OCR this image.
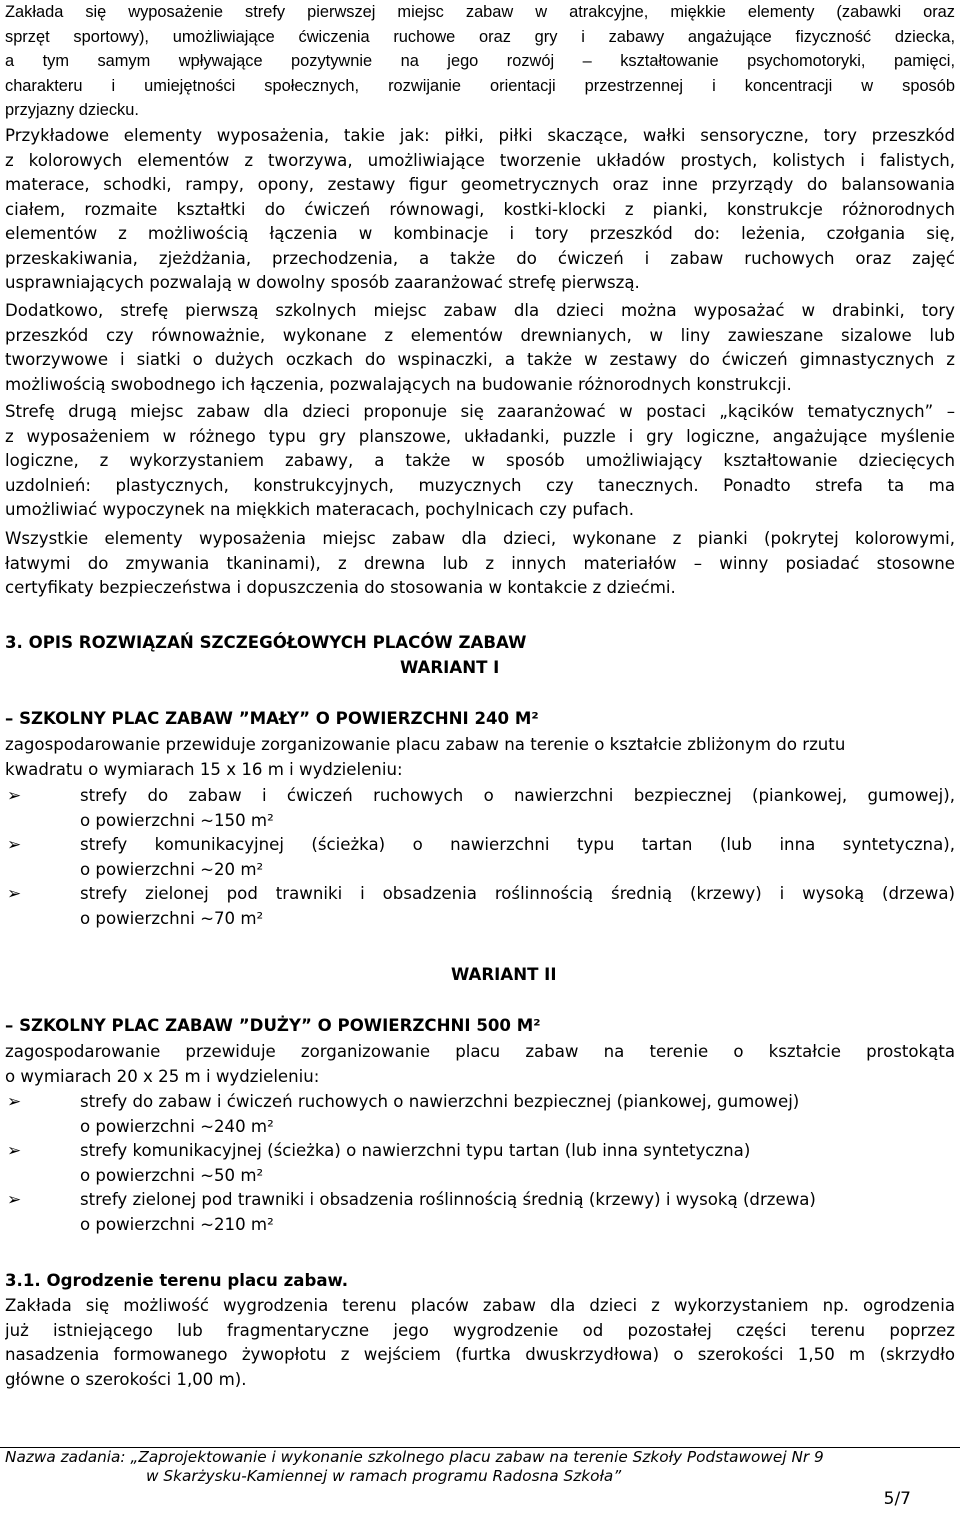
Zakłada się wyposażenie strefy pierwszej miejsc zabaw w atrakcyjne, miękkie elementy (zabawki oraz
sprzęt sportowy), umożliwiające ćwiczenia ruchowe oraz gry i zabawy angażujące fizyczność dziecka,
a tym samym wpływające pozytywnie na jego rozwój – kształtowanie psychomotoryki, pamięci,
charakteru i umiejętności społecznych, rozwijanie orientacji przestrzennej i koncentracji w sposób
przyjazny dziecku.
Przykładowe elementy wyposażenia, takie jak: piłki, piłki skaczące, wałki sensoryczne, tory przeszkód
z kolorowych elementów z tworzywa, umożliwiające tworzenie układów prostych, kolistych i falistych,
materace, schodki, rampy, opony, zestawy figur geometrycznych oraz inne przyrządy do balansowania
ciałem, rozmaite kształtki do ćwiczeń równowagi, kostki-klocki z pianki, konstrukcje różnorodnych
elementów z możliwością łączenia w kombinacje i tory przeszkód do: leżenia, czołgania się,
przeskakiwania, zjeżdżania, przechodzenia, a także do ćwiczeń i zabaw ruchowych oraz zajęć
usprawniających pozwalają w dowolny sposób zaaranżować strefę pierwszą.
Dodatkowo, strefę pierwszą szkolnych miejsc zabaw dla dzieci można wyposażać w drabinki, tory
przeszkód czy równoważnie, wykonane z elementów drewnianych, w liny zawieszane sizalowe lub
tworzywowe i siatki o dużych oczkach do wspinaczki, a także w zestawy do ćwiczeń gimnastycznych z
możliwością swobodnego ich łączenia, pozwalających na budowanie różnorodnych konstrukcji.
Strefę drugą miejsc zabaw dla dzieci proponuje się zaaranżować w postaci „kącików tematycznych” –
z wyposażeniem w różnego typu gry planszowe, układanki, puzzle i gry logiczne, angażujące myślenie
logiczne, z wykorzystaniem zabawy, a także w sposób umożliwiający kształtowanie dziecięcych
uzdolnień: plastycznych, konstrukcyjnych, muzycznych czy tanecznych. Ponadto strefa ta ma
umożliwiać wypoczynek na miękkich materacach, pochylnicach czy pufach.
Wszystkie elementy wyposażenia miejsc zabaw dla dzieci, wykonane z pianki (pokrytej kolorowymi,
łatwymi do zmywania tkaninami), z drewna lub z innych materiałów – winny posiadać stosowne
certyfikaty bezpieczeństwa i dopuszczenia do stosowania w kontakcie z dziećmi.
3. OPIS ROZWIĄZAŃ SZCZEGÓŁOWYCH PLACÓW ZABAW
WARIANT I
– SZKOLNY PLAC ZABAW ”MAŁY” O POWIERZCHNI 240 M²
zagospodarowanie przewiduje zorganizowanie placu zabaw na terenie o kształcie zbliżonym do rzutu
kwadratu o wymiarach 15 x 16 m i wydzieleniu:
➢	strefy do zabaw i ćwiczeń ruchowych o nawierzchni bezpiecznej (piankowej, gumowej),
o powierzchni ~150 m²
➢	strefy komunikacyjnej (ścieżka) o nawierzchni typu tartan (lub inna syntetyczna),
o powierzchni ~20 m²
➢	strefy zielonej pod trawniki i obsadzenia roślinnością średnią (krzewy) i wysoką (drzewa)
o powierzchni ~70 m²
WARIANT II
– SZKOLNY PLAC ZABAW ”DUŻY” O POWIERZCHNI 500 M²
zagospodarowanie przewiduje zorganizowanie placu zabaw na terenie o kształcie prostokąta
o wymiarach 20 x 25 m i wydzieleniu:
➢	strefy do zabaw i ćwiczeń ruchowych o nawierzchni bezpiecznej (piankowej, gumowej)
o powierzchni ~240 m²
➢	strefy komunikacyjnej (ścieżka) o nawierzchni typu tartan (lub inna syntetyczna)
o powierzchni ~50 m²
➢	strefy zielonej pod trawniki i obsadzenia roślinnością średnią (krzewy) i wysoką (drzewa)
o powierzchni ~210 m²
3.1. Ogrodzenie terenu placu zabaw.
Zakłada się możliwość wygrodzenia terenu placów zabaw dla dzieci z wykorzystaniem np. ogrodzenia
już istniejącego lub fragmentaryczne jego wygrodzenie od pozostałej części terenu poprzez
nasadzenia formowanego żywopłotu z wejściem (furtka dwuskrzydłowa) o szerokości 1,50 m (skrzydło
główne o szerokości 1,00 m).
Nazwa zadania: „Zaprojektowanie i wykonanie szkolnego placu zabaw na terenie Szkoły Podstawowej Nr 9
w Skarżysku-Kamiennej w ramach programu Radosna Szkoła”
5/7
